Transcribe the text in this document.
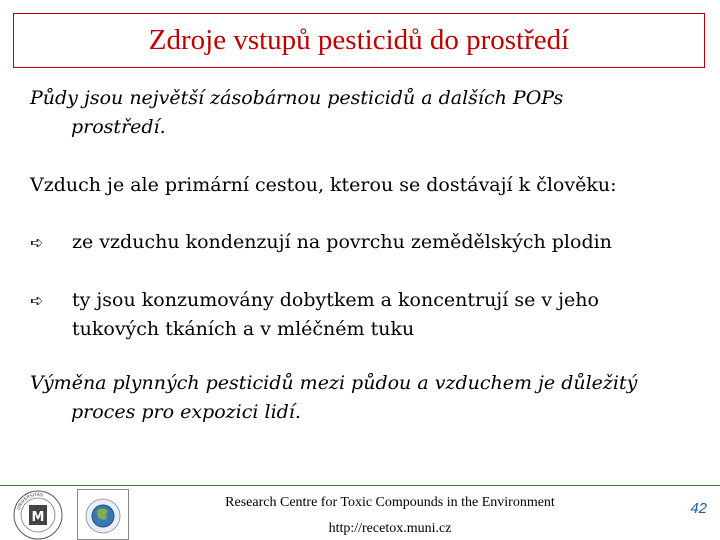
Zdroje vstupů pesticidů do prostředí
Půdy jsou největší zásobárnou pesticidů a dalších POPs
prostředí.
Vzduch je ale primární cestou, kterou se dostávají k člověku:
➪	ze vzduchu kondenzují na povrchu zemědělských plodin
➪	ty jsou konzumovány dobytkem a koncentrují se v jeho
tukových tkáních a v mléčném tuku
Výměna plynných pesticidů mezi půdou a vzduchem je důležitý
proces pro expozici lidí.
M
UNIVERSITAS	Research Centre for Toxic Compounds in the Environment
http://recetox.muni.cz
42
